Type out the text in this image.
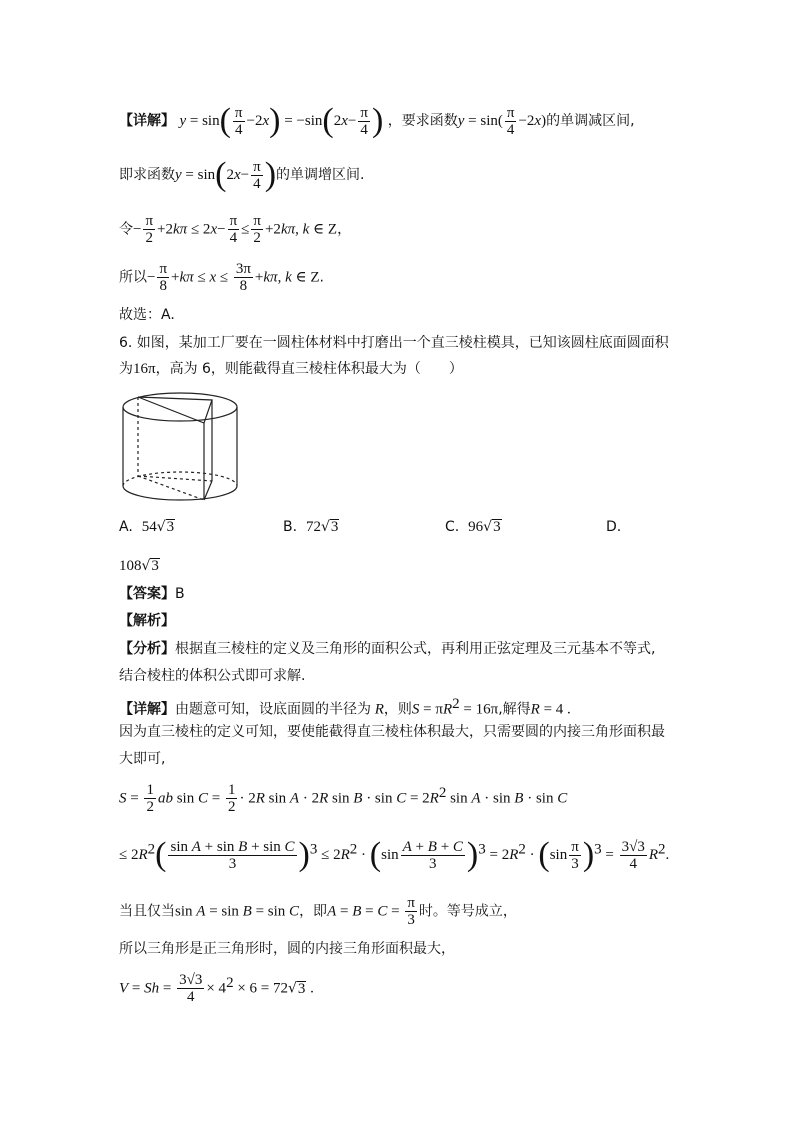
【详解】 $y = \sin( \frac{\pi}{4} -2x) = -\sin(2x- \frac{\pi}{4}$ ) ，要求函数$y = \sin( \frac{\pi}{4} -2x)$的单调减区间,
即求函数$y = \sin(2x- \frac{\pi}{4}$ )的单调增区间.
令− $\frac{\pi}{2} +2k\pi \le 2x- \frac{\pi}{4} \le \frac{\pi}{2} +2k\pi$, k ∈ Z，
所以− $\frac{\pi}{8} +k\pi \le x \le \frac{3\pi}{8} +k\pi$, k ∈ Z.
故选：A.
6. 如图，某加工厂要在一圆柱体材料中打磨出一个直三棱柱模具，已知该圆柱底面圆面积
为16π，高为 6，则能截得直三棱柱体积最大为（　　）
A. 54√3	B. 72√3	C. 96√3	D.
108√3
【答案】B
【解析】
【分析】根据直三棱柱的定义及三角形的面积公式，再利用正弦定理及三元基本不等式,
结合棱柱的体积公式即可求解.
【详解】由题意可知，设底面圆的半径为 R，则$S = \pi R^2 = 16\pi$,解得R = 4 .
因为直三棱柱的定义可知，要使能截得直三棱柱体积最大，只需要圆的内接三角形面积最
大即可,
$S = \frac{1}{2}$ ab $\sin C = \frac{1}{2} \cdot 2R$ sin A · 2R $\sin B \cdot \sin C = 2R^2$ sin A · sin B · sin C
≤ $2R^2( \frac{\text{sin A + sin B + sin C}}{3} )^3 \le 2R^2 \cdot (\sin \frac{A + B + C}{3} )^3 = 2R^2 \cdot (\sin \frac{\pi}{3} )^3 = \frac{3√3}{4} R^2$.
当且仅当sin A = sin B = sin C，即$A = B = C = \frac{\pi}{3}$ 时。等号成立，
所以三角形是正三角形时，圆的内接三角形面积最大，
$V = Sh = \frac{3√3}{4} \times 4^2 \times 6 = 72√3$ .
